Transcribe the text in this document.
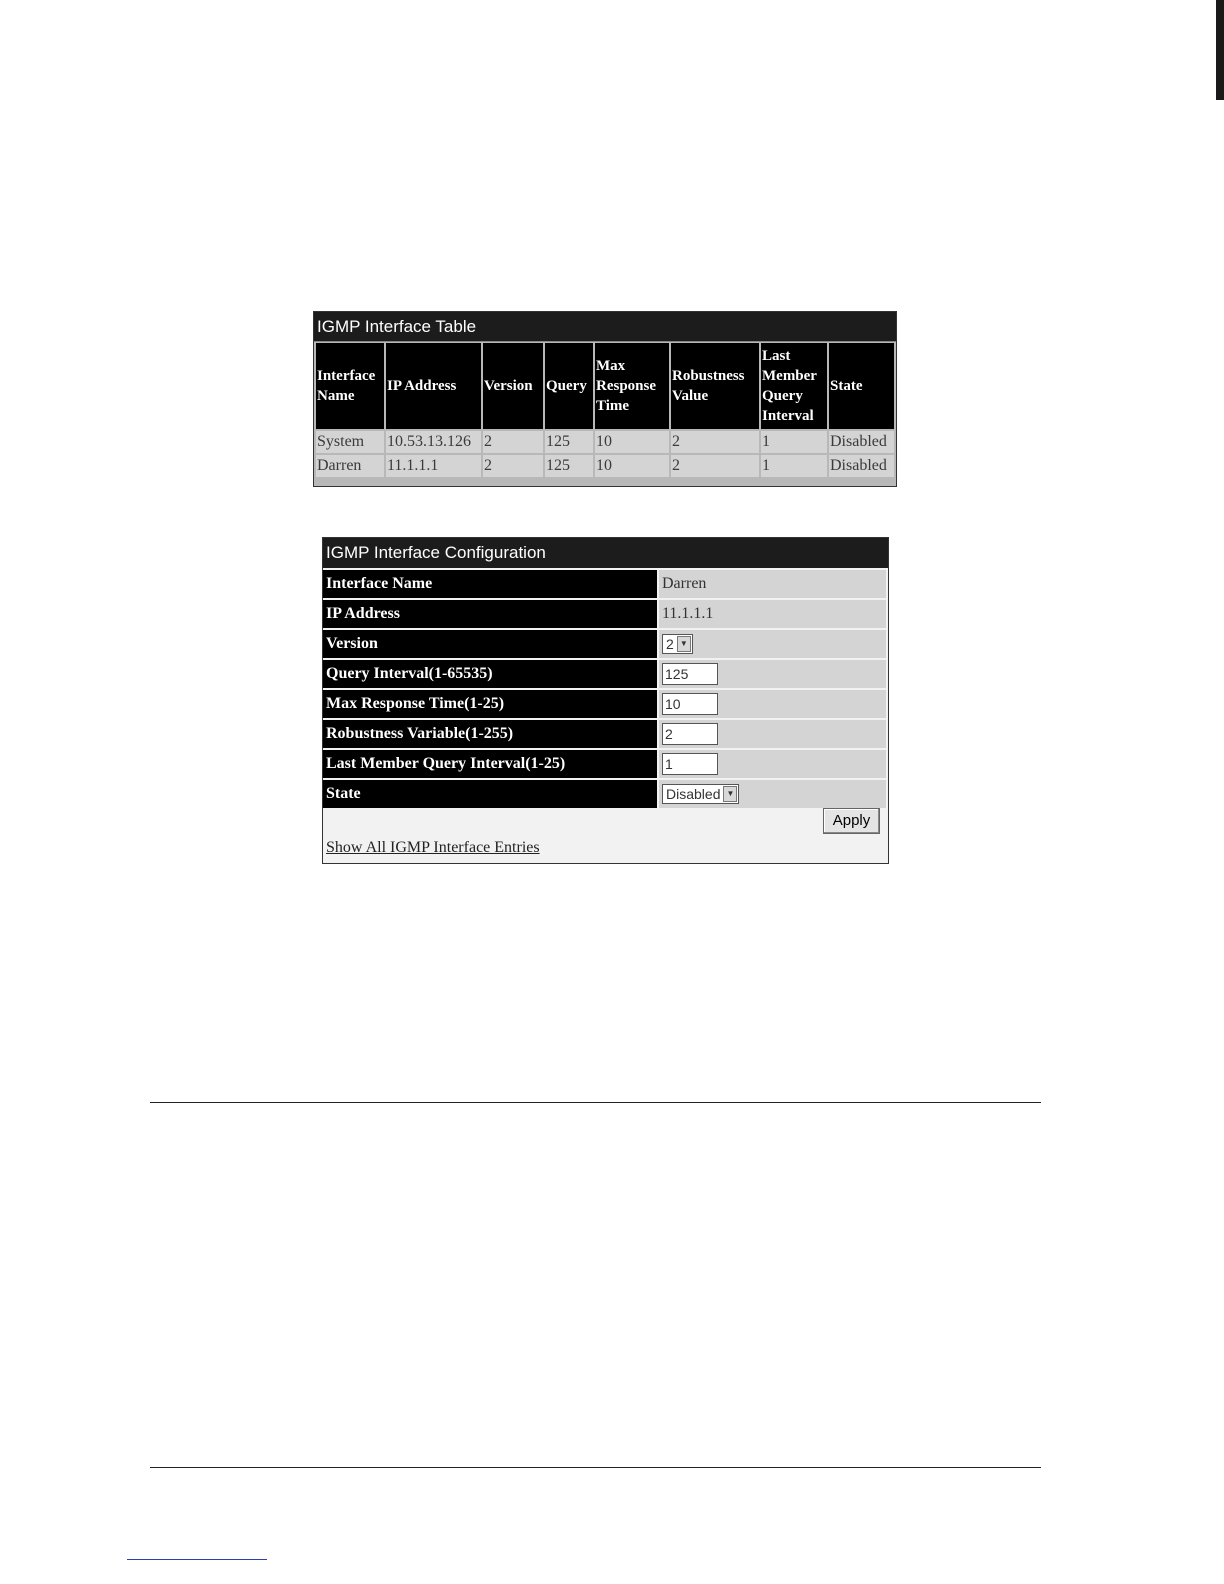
IGMP Interface Table
Interface Name	IP Address	Version	Query	Max Response Time	Robustness Value	Last Member Query Interval	State
System	10.53.13.126	2	125	10	2	1	Disabled
Darren	11.1.1.1	2	125	10	2	1	Disabled
IGMP Interface Configuration
Interface Name	Darren
IP Address	11.1.1.1
Version	2 ▼
Query Interval(1-65535)	125
Max Response Time(1-25)	10
Robustness Variable(1-255)	2
Last Member Query Interval(1-25)	1
State	Disabled ▼
Apply
Show All IGMP Interface Entries
